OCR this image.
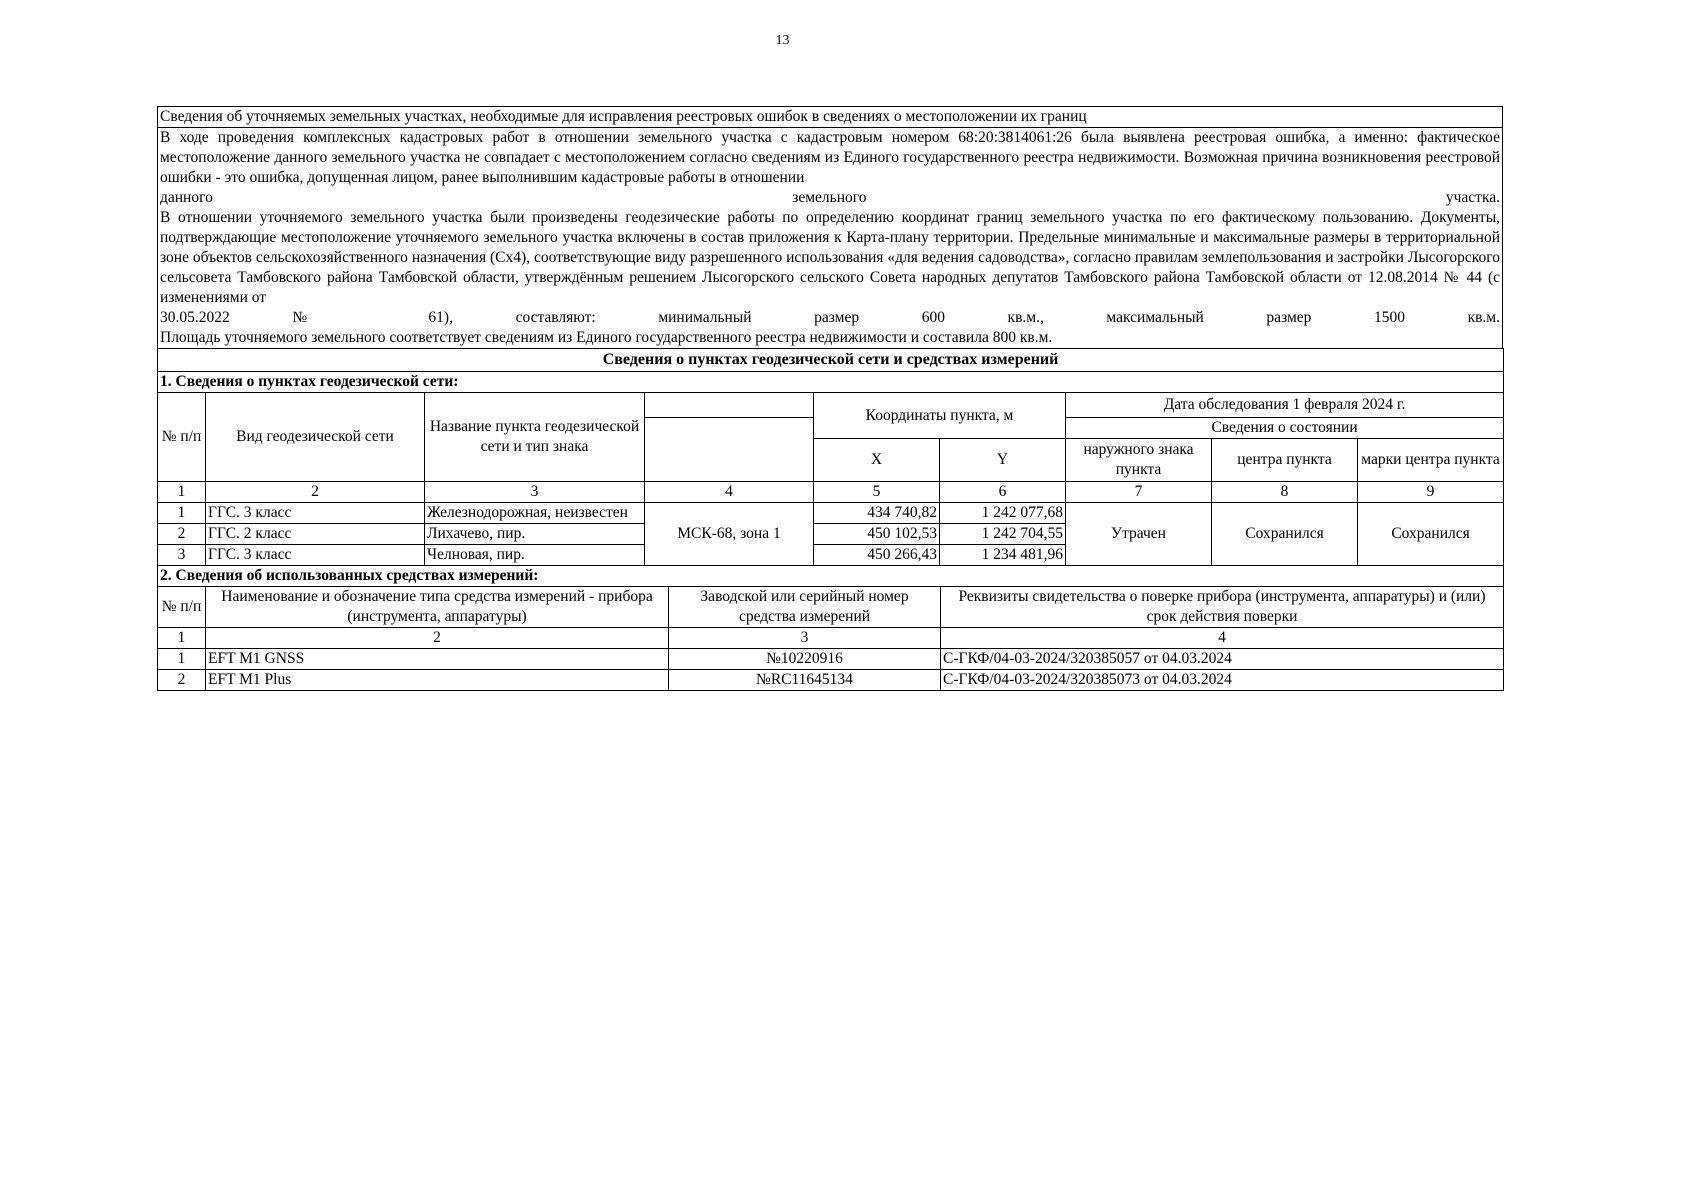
13
Сведения об уточняемых земельных участках, необходимые для исправления реестровых ошибок в сведениях о местоположении их границ

В ходе проведения комплексных кадастровых работ в отношении земельного участка с кадастровым номером 68:20:3814061:26 была выявлена реестровая ошибка, а именно: фактическое местоположение данного земельного участка не совпадает с местоположением согласно сведениям из Единого государственного реестра недвижимости. Возможная причина возникновения реестровой ошибки - это ошибка, допущенная лицом, ранее выполнившим кадастровые работы в отношении
данного земельного участка.
В отношении уточняемого земельного участка были произведены геодезические работы по определению координат границ земельного участка по его фактическому пользованию. Документы, подтверждающие местоположение уточняемого земельного участка включены в состав приложения к Карта-плану территории. Предельные минимальные и максимальные размеры в территориальной зоне объектов сельскохозяйственного назначения (Сх4), соответствующие виду разрешенного использования «для ведения садоводства», согласно правилам землепользования и застройки Лысогорского сельсовета Тамбовского района Тамбовской области, утверждённым решением Лысогорского сельского Совета народных депутатов Тамбовского района Тамбовской области от 12.08.2014 № 44 (с изменениями от
30.05.2022 № 61), составляют: минимальный размер 600 кв.м., максимальный размер 1500 кв.м.
Площадь уточняемого земельного соответствует сведениям из Единого государственного реестра недвижимости и составила 800 кв.м.
Сведения о пунктах геодезической сети и средствах измерений								
1. Сведения о пунктах геодезической сети:								
№ п/п	Вид геодезической сети	Название пункта геодезической сети и тип знака		Координаты пункта, м		Дата обследования 1 февраля 2024 г.		
						Сведения о состоянии		
				X	Y	наружного знака пункта	центра пункта	марки центра пункта
1	2	3	4	5	6	7	8	9
1	ГГС. 3 класс	Железнодорожная, неизвестен	МСК-68, зона 1	434 740,82	1 242 077,68	Утрачен	Сохранился	Сохранился
2	ГГС. 2 класс	Лихачево, пир.		450 102,53	1 242 704,55			
3	ГГС. 3 класс	Челновая, пир.		450 266,43	1 234 481,96			
2. Сведения об использованных средствах измерений:			
№ п/п	Наименование и обозначение типа средства измерений - прибора (инструмента, аппаратуры)	Заводской или серийный номер средства измерений	Реквизиты свидетельства о поверке прибора (инструмента, аппаратуры) и (или) срок действия поверки
1	2	3	4
1	EFT M1 GNSS	№10220916	С-ГКФ/04-03-2024/320385057 от 04.03.2024
2	EFT M1 Plus	№RC11645134	С-ГКФ/04-03-2024/320385073 от 04.03.2024
